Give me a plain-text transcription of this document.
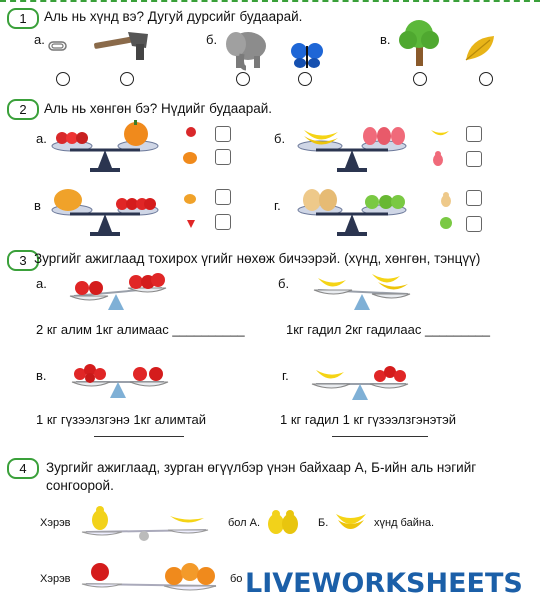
1	Аль нь хүнд вэ? Дугуй дурсийг будаарай.
а.	б.	в.
2	Аль нь хөнгөн бэ? Нүдийг будаарай.
а.	б.
в	г.
3 Зургийг ажиглаад тохирох үгийг нөхөж бичээрэй. (хүнд, хөнгөн, тэнцүү)
а.	б.
в.	г.
2 кг алим 1кг алимаас __________	1кг гадил 2кг гадилаас _________
1 кг гүзээлзгэнэ 1кг алимтай	1 кг гадил 1 кг гүзээлзгэнэтэй
4	Зургийг ажиглаад, зурган өгүүлбэр үнэн байхаар А, Б-ийн аль нэгийг
сонгоорой.
Хэрэв	бол А.	Б.	хүнд байна.
Хэрэв	бо LIVEWORKSHEETS
